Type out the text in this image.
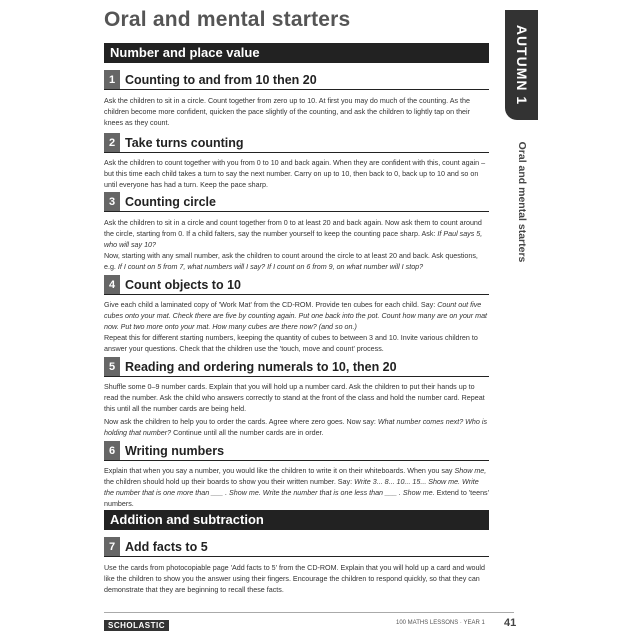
Oral and mental starters
AUTUMN 1
Oral and mental starters
Number and place value
1 Counting to and from 10 then 20
Ask the children to sit in a circle. Count together from zero up to 10. At first you may do much of the counting. As the children become more confident, quicken the pace slightly of the counting, and ask the children to lightly tap on their knees as they count.
2 Take turns counting
Ask the children to count together with you from 0 to 10 and back again. When they are confident with this, count again – but this time each child takes a turn to say the next number. Carry on up to 10, then back to 0, back up to 10 and so on until everyone has had a turn. Keep the pace sharp.
3 Counting circle
Ask the children to sit in a circle and count together from 0 to at least 20 and back again. Now ask them to count around the circle, starting from 0. If a child falters, say the number yourself to keep the counting pace sharp. Ask: If Paul says 5, who will say 10?
Now, starting with any small number, ask the children to count around the circle to at least 20 and back. Ask questions, e.g. If I count on 5 from 7, what numbers will I say? If I count on 6 from 9, on what number will I stop?
4 Count objects to 10
Give each child a laminated copy of 'Work Mat' from the CD-ROM. Provide ten cubes for each child. Say: Count out five cubes onto your mat. Check there are five by counting again. Put one back into the pot. Count how many are on your mat now. Put two more onto your mat. How many cubes are there now? (and so on.)
Repeat this for different starting numbers, keeping the quantity of cubes to between 3 and 10. Invite various children to answer your questions. Check that the children use the 'touch, move and count' process.
5 Reading and ordering numerals to 10, then 20
Shuffle some 0–9 number cards. Explain that you will hold up a number card. Ask the children to put their hands up to read the number. Ask the child who answers correctly to stand at the front of the class and hold the number card. Repeat this until all the number cards are being held.
Now ask the children to help you to order the cards. Agree where zero goes. Now say: What number comes next? Who is holding that number? Continue until all the number cards are in order.
6 Writing numbers
Explain that when you say a number, you would like the children to write it on their whiteboards. When you say Show me, the children should hold up their boards to show you their written number. Say: Write 3... 8... 10... 15... Show me. Write the number that is one more than ___ . Show me. Write the number that is one less than ___ . Show me. Extend to 'teens' numbers.
Addition and subtraction
7 Add facts to 5
Use the cards from photocopiable page 'Add facts to 5' from the CD-ROM. Explain that you will hold up a card and would like the children to show you the answer using their fingers. Encourage the children to respond quickly, so that they can demonstrate that they are beginning to recall these facts.
SCHOLASTIC	100 MATHS LESSONS · YEAR 1 41
